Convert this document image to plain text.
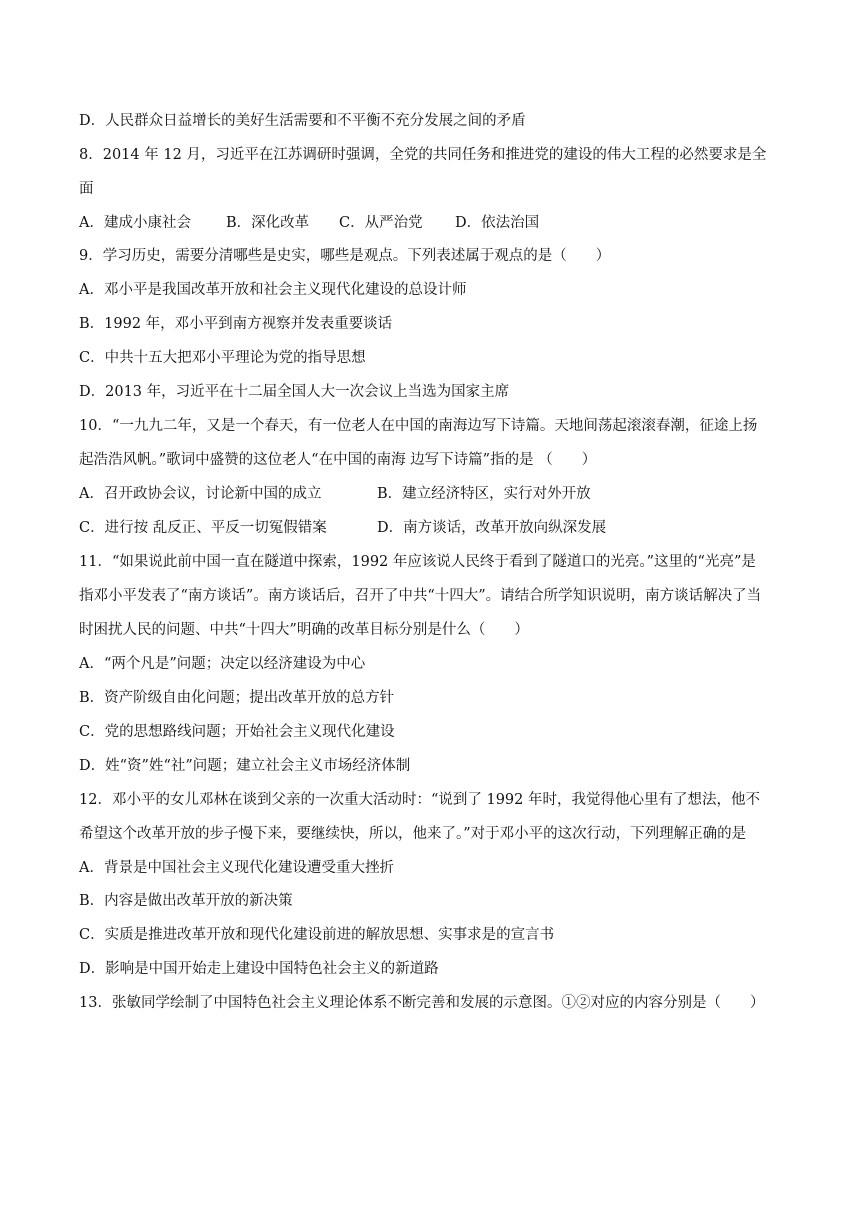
D．人民群众日益增长的美好生活需要和不平衡不充分发展之间的矛盾
8．2014 年 12 月，习近平在江苏调研时强调，全党的共同任务和推进党的建设的伟大工程的必然要求是全
面
A．建成小康社会 B．深化改革 C．从严治党 D．依法治国
9．学习历史，需要分清哪些是史实，哪些是观点。下列表述属于观点的是（　　）
A．邓小平是我国改革开放和社会主义现代化建设的总设计师
B．1992 年，邓小平到南方视察并发表重要谈话
C．中共十五大把邓小平理论为党的指导思想
D．2013 年，习近平在十二届全国人大一次会议上当选为国家主席
10．“一九九二年，又是一个春天，有一位老人在中国的南海边写下诗篇。天地间荡起滚滚春潮，征途上扬
起浩浩风帆。”歌词中盛赞的这位老人“在中国的南海 边写下诗篇”指的是 （　　）
A．召开政协会议，讨论新中国的成立	B．建立经济特区，实行对外开放
C．进行按 乱反正、平反一切冤假错案	D．南方谈话，改革开放向纵深发展
11．“如果说此前中国一直在隧道中探索，1992 年应该说人民终于看到了隧道口的光亮。”这里的“光亮”是
指邓小平发表了“南方谈话”。南方谈话后，召开了中共“十四大”。请结合所学知识说明，南方谈话解决了当
时困扰人民的问题、中共“十四大”明确的改革目标分别是什么（　　）
A．“两个凡是”问题；决定以经济建设为中心
B．资产阶级自由化问题；提出改革开放的总方针
C．党的思想路线问题；开始社会主义现代化建设
D．姓“资”姓“社”问题；建立社会主义市场经济体制
12．邓小平的女儿邓林在谈到父亲的一次重大活动时：“说到了 1992 年时，我觉得他心里有了想法，他不
希望这个改革开放的步子慢下来，要继续快，所以，他来了。”对于邓小平的这次行动，下列理解正确的是
A．背景是中国社会主义现代化建设遭受重大挫折
B．内容是做出改革开放的新决策
C．实质是推进改革开放和现代化建设前进的解放思想、实事求是的宣言书
D．影响是中国开始走上建设中国特色社会主义的新道路
13．张敏同学绘制了中国特色社会主义理论体系不断完善和发展的示意图。①②对应的内容分别是（　　）
